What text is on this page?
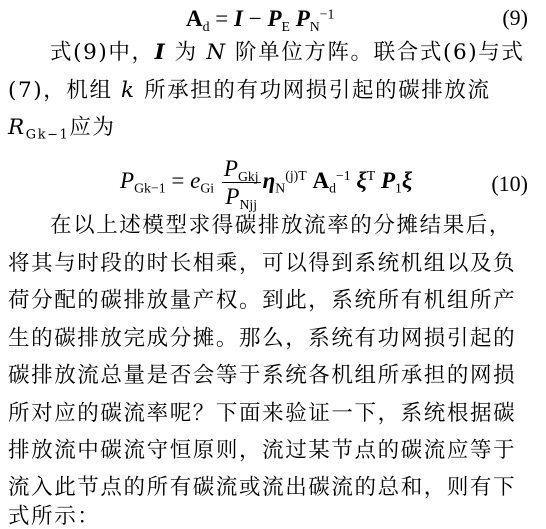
$A_d = I - P_E$ $P_N^{-1}$	(9)
式(9)中，I 为 N 阶单位方阵。联合式(6)与式
(7)，机组 k 所承担的有功网损引起的碳排放流
$R_{Gk-1}$应为
$P_{Gk-1} = e_{Gi} \frac{P_{Gkj}}{P_{Njj}} \eta_N^{(j)T}$ $A_d^{-1}$ $\xi^T$ $P_1\xi$	(10)
在以上述模型求得碳排放流率的分摊结果后，
将其与时段的时长相乘，可以得到系统机组以及负
荷分配的碳排放量产权。到此，系统所有机组所产
生的碳排放完成分摊。那么，系统有功网损引起的
碳排放流总量是否会等于系统各机组所承担的网损
所对应的碳流率呢？下面来验证一下，系统根据碳
排放流中碳流守恒原则，流过某节点的碳流应等于
流入此节点的所有碳流或流出碳流的总和，则有下
式所示：
